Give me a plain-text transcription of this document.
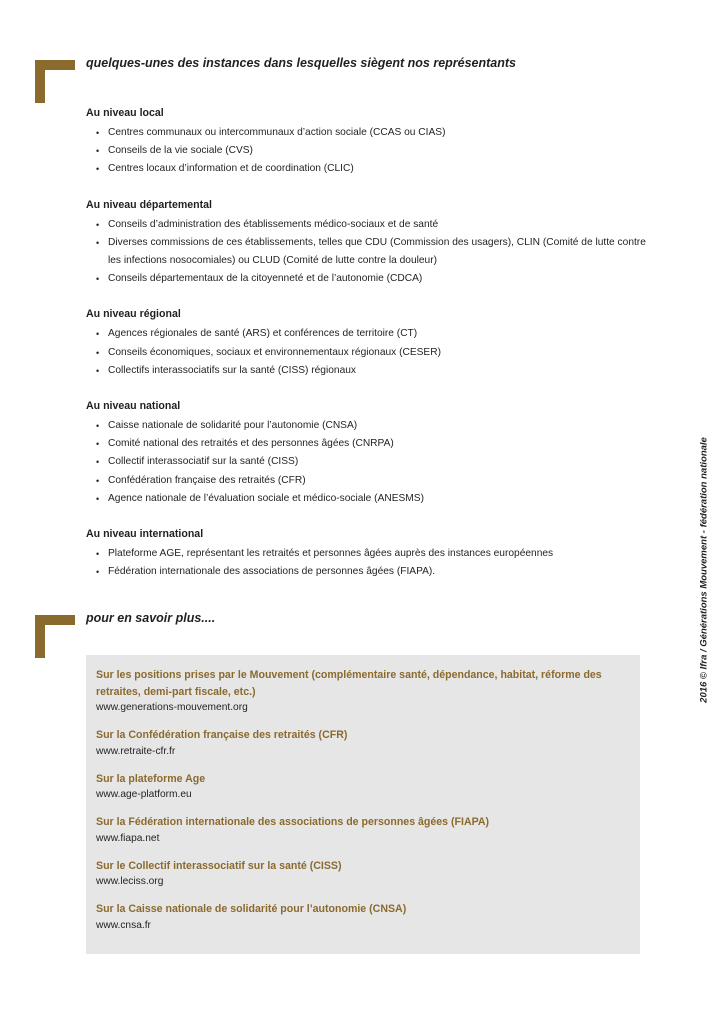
quelques-unes des instances dans lesquelles siègent nos représentants
Au niveau local
• Centres communaux ou intercommunaux d’action sociale (CCAS ou CIAS)
• Conseils de la vie sociale (CVS)
• Centres locaux d’information et de coordination (CLIC)
Au niveau départemental
• Conseils d’administration des établissements médico-sociaux et de santé
• Diverses commissions de ces établissements, telles que CDU (Commission des usagers), CLIN (Comité de lutte contre les infections nosocomiales) ou CLUD (Comité de lutte contre la douleur)
• Conseils départementaux de la citoyenneté et de l’autonomie (CDCA)
Au niveau régional
• Agences régionales de santé (ARS) et conférences de territoire (CT)
• Conseils économiques, sociaux et environnementaux régionaux (CESER)
• Collectifs interassociatifs sur la santé (CISS) régionaux
Au niveau national
• Caisse nationale de solidarité pour l’autonomie (CNSA)
• Comité national des retraités et des personnes âgées (CNRPA)
• Collectif interassociatif sur la santé (CISS)
• Confédération française des retraités (CFR)
• Agence nationale de l’évaluation sociale et médico-sociale (ANESMS)
Au niveau international
• Plateforme AGE, représentant les retraités et personnes âgées auprès des instances européennes
• Fédération internationale des associations de personnes âgées (FIAPA).
pour en savoir plus....
Sur les positions prises par le Mouvement (complémentaire santé, dépendance, habitat, réforme des retraites, demi-part fiscale, etc.)
www.generations-mouvement.org
Sur la Confédération française des retraités (CFR)
www.retraite-cfr.fr
Sur la plateforme Age
www.age-platform.eu
Sur la Fédération internationale des associations de personnes âgées (FIAPA)
www.fiapa.net
Sur le Collectif interassociatif sur la santé (CISS)
www.leciss.org
Sur la Caisse nationale de solidarité pour l’autonomie (CNSA)
www.cnsa.fr
2016 © Ifra / Générations Mouvement - fédération nationale
